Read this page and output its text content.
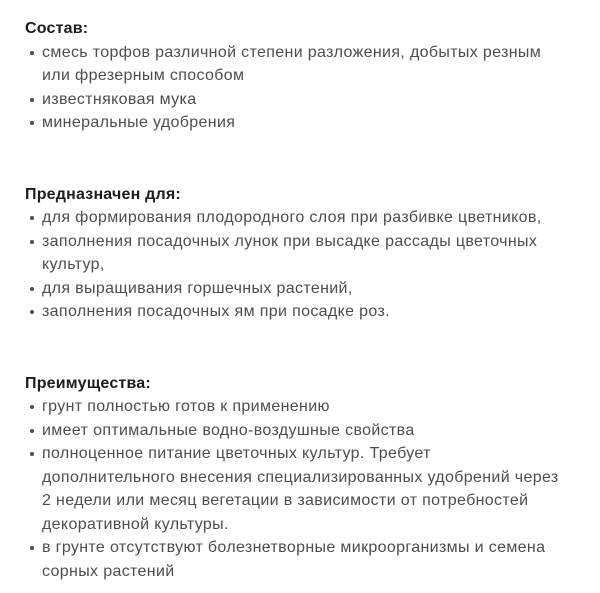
Состав:
смесь торфов различной степени разложения, добытых резным
или фрезерным способом
известняковая мука
минеральные удобрения
Предназначен для:
для формирования плодородного слоя при разбивке цветников,
заполнения посадочных лунок при высадке рассады цветочных
культур,
для выращивания горшечных растений,
заполнения посадочных ям при посадке роз.
Преимущества:
грунт полностью готов к применению
имеет оптимальные водно-воздушные свойства
полноценное питание цветочных культур. Требует
дополнительного внесения специализированных удобрений через
2 недели или месяц вегетации в зависимости от потребностей
декоративной культуры.
в грунте отсутствуют болезнетворные микроорганизмы и семена
сорных растений
